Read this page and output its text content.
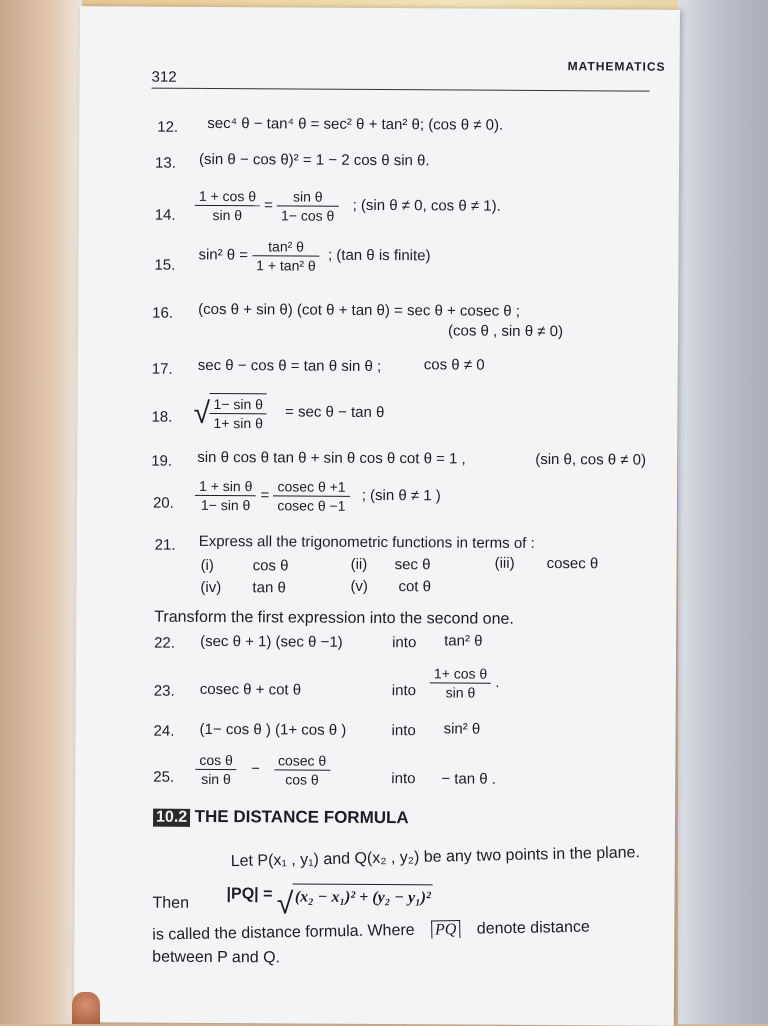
312
MATHEMATICS
12. sec⁴ θ − tan⁴ θ = sec² θ + tan² θ; (cos θ ≠ 0).
13. (sin θ − cos θ)² = 1 − 2 cos θ sin θ.
14. $\frac{\text{1 + cos θ}}{\text{sin θ}} = \frac{\text{sin θ}}{\text{1− cos θ}}$ ; (sin θ ≠ 0, cos θ ≠ 1).
15.
sin² $\theta = \frac{\text{tan² θ}}{\text{1 + tan² θ}}$ ; (tan θ is finite)
16. (cos θ + sin θ) (cot θ + tan θ) = sec θ + cosec θ ;
(cos θ , sin θ ≠ 0)
17. sec θ − cos θ = tan θ sin θ ;	cos θ ≠ 0
18. √ $\frac{\text{1− sin θ}}{\text{1+ sin θ}} = \sec \theta - \tan \theta$
19. sin θ cos θ tan θ + sin θ cos θ cot θ = 1 ,	(sin θ, cos θ ≠ 0)
20. $\frac{\text{1 + sin θ}}{\text{1− sin θ}} = \frac{\text{cosec θ +1}}{\text{cosec θ −1}}$ ; (sin θ ≠ 1 )
21. Express all the trigonometric functions in terms of :
(i)	cos θ	(ii) sec θ	(iii) cosec θ
(iv) tan θ	(v) cot θ
Transform the first expression into the second one.
22. (sec θ + 1) (sec θ −1)	into tan² θ
23. cosec θ + cot θ	into $\frac{\text{1+ cos θ}}{\text{sin θ}}$ .
24. (1− cos θ ) (1+ cos θ )	into sin² θ
25. $\frac{\text{cos θ}}{\text{sin θ}} - \frac{\text{cosec θ}}{\text{cos θ}}$	into − tan θ .
10.2 THE DISTANCE FORMULA
Let P(x₁ , y₁) and Q(x₂ , y₂) be any two points in the plane.
Then
|PQ| = √ (x₂ − x₁)² + (y₂ − y₁)²
is called the distance formula. Where PQ denote distance
between P and Q.
